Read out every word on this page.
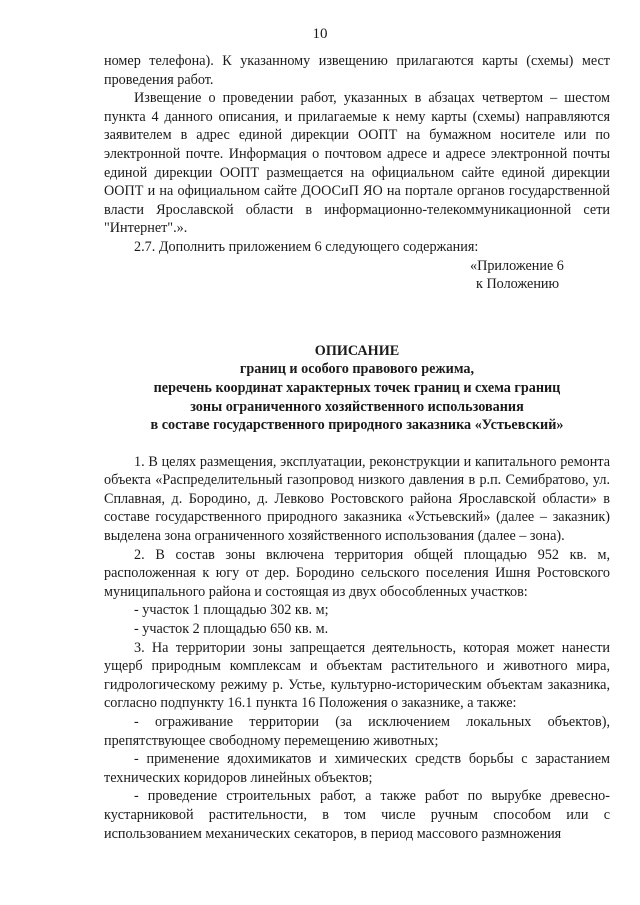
10

номер телефона). К указанному извещению прилагаются карты (схемы) мест проведения работ.

Извещение о проведении работ, указанных в абзацах четвертом – шестом пункта 4 данного описания, и прилагаемые к нему карты (схемы) направляются заявителем в адрес единой дирекции ООПТ на бумажном носителе или по электронной почте. Информация о почтовом адресе и адресе электронной почты единой дирекции ООПТ размещается на официальном сайте единой дирекции ООПТ и на официальном сайте ДООСиП ЯО на портале органов государственной власти Ярославской области в информационно-телекоммуникационной сети "Интернет".».

2.7. Дополнить приложением 6 следующего содержания:

«Приложение 6

к Положению

ОПИСАНИЕ

границ и особого правового режима,

перечень координат характерных точек границ и схема границ

зоны ограниченного хозяйственного использования

в составе государственного природного заказника «Устьевский»

1. В целях размещения, эксплуатации, реконструкции и капитального ремонта объекта «Распределительный газопровод низкого давления в р.п. Семибратово, ул. Сплавная, д. Бородино, д. Левково Ростовского района Ярославской области» в составе государственного природного заказника «Устьевский» (далее – заказник) выделена зона ограниченного хозяйственного использования (далее – зона).

2. В состав зоны включена территория общей площадью 952 кв. м, расположенная к югу от дер. Бородино сельского поселения Ишня Ростовского муниципального района и состоящая из двух обособленных участков:

- участок 1 площадью 302 кв. м;

- участок 2 площадью 650 кв. м.

3. На территории зоны запрещается деятельность, которая может нанести ущерб природным комплексам и объектам растительного и животного мира, гидрологическому режиму р. Устье, культурно-историческим объектам заказника, согласно подпункту 16.1 пункта 16 Положения о заказнике, а также:

- ограживание территории (за исключением локальных объектов), препятствующее свободному перемещению животных;

- применение ядохимикатов и химических средств борьбы с зарастанием технических коридоров линейных объектов;

- проведение строительных работ, а также работ по вырубке древесно-кустарниковой растительности, в том числе ручным способом или с использованием механических секаторов, в период массового размножения
